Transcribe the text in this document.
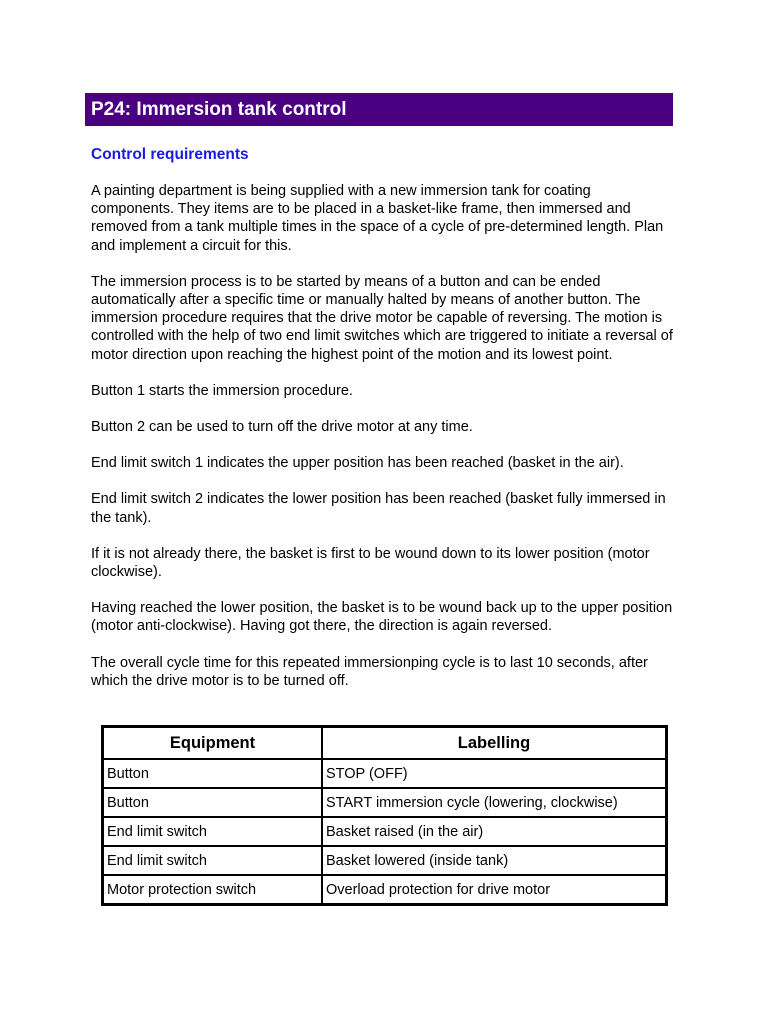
P24: Immersion tank control
Control requirements

A painting department is being supplied with a new immersion tank for coating components. They items are to be placed in a basket-like frame, then immersed and removed from a tank multiple times in the space of a cycle of pre-determined length. Plan and implement a circuit for this.

The immersion process is to be started by means of a button and can be ended automatically after a specific time or manually halted by means of another button. The immersion procedure requires that the drive motor be capable of reversing. The motion is controlled with the help of two end limit switches which are triggered to initiate a reversal of motor direction upon reaching the highest point of the motion and its lowest point.

Button 1 starts the immersion procedure.

Button 2 can be used to turn off the drive motor at any time.

End limit switch 1 indicates the upper position has been reached (basket in the air).

End limit switch 2 indicates the lower position has been reached (basket fully immersed in the tank).

If it is not already there, the basket is first to be wound down to its lower position (motor clockwise).

Having reached the lower position, the basket is to be wound back up to the upper position (motor anti-clockwise). Having got there, the direction is again reversed.

The overall cycle time for this repeated immersionping cycle is to last 10 seconds, after which the drive motor is to be turned off.

Equipment	Labelling
Button	STOP (OFF)
Button	START immersion cycle (lowering, clockwise)
End limit switch	Basket raised (in the air)
End limit switch	Basket lowered (inside tank)
Motor protection switch	Overload protection for drive motor
